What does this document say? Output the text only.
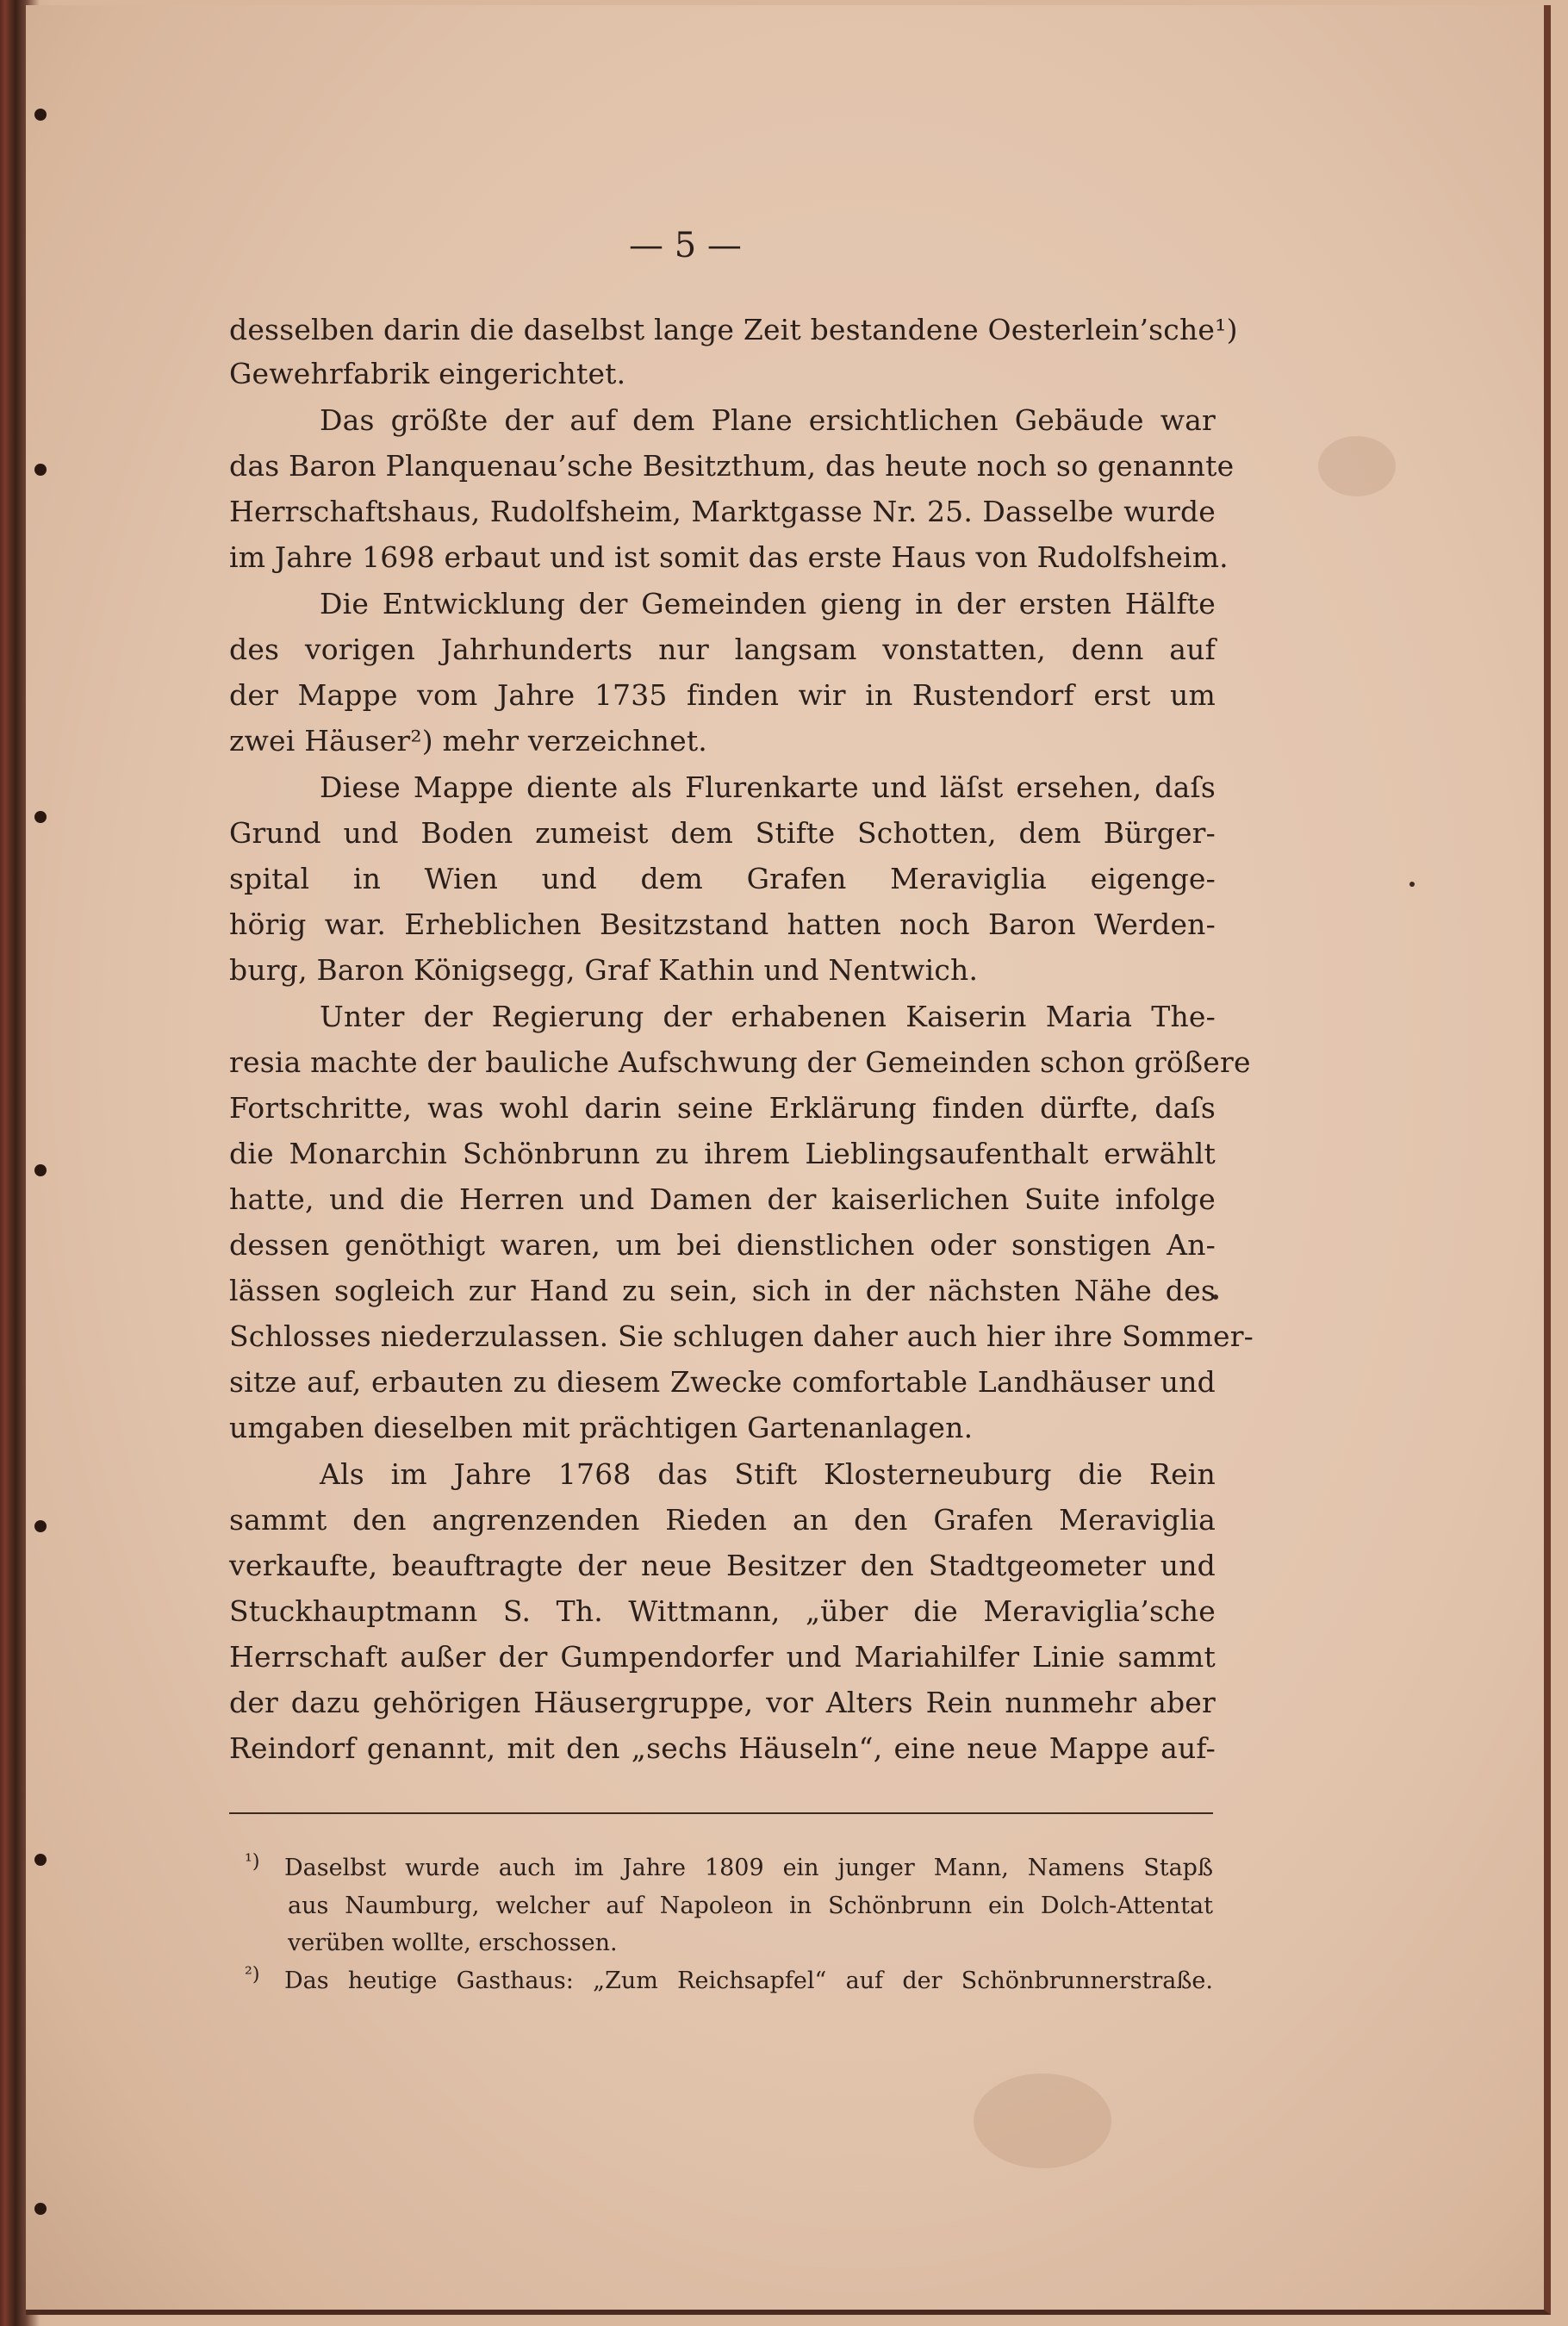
— 5 —
desselben darin die daselbst lange Zeit bestandene Oesterlein’sche¹)
Gewehrfabrik eingerichtet.
Das größte der auf dem Plane ersichtlichen Gebäude war
das Baron Planquenau’sche Besitzthum, das heute noch so genannte
Herrschaftshaus, Rudolfsheim, Marktgasse Nr. 25. Dasselbe wurde
im Jahre 1698 erbaut und ist somit das erste Haus von Rudolfsheim.
Die Entwicklung der Gemeinden gieng in der ersten Hälfte
des vorigen Jahrhunderts nur langsam vonstatten, denn auf
der Mappe vom Jahre 1735 finden wir in Rustendorf erst um
zwei Häuser²) mehr verzeichnet.
Diese Mappe diente als Flurenkarte und läſst ersehen, daſs
Grund und Boden zumeist dem Stifte Schotten, dem Bürger-
spital in Wien und dem Grafen Meraviglia eigenge-
hörig war. Erheblichen Besitzstand hatten noch Baron Werden-
burg, Baron Königsegg, Graf Kathin und Nentwich.
Unter der Regierung der erhabenen Kaiserin Maria The-
resia machte der bauliche Aufschwung der Gemeinden schon größere
Fortschritte, was wohl darin seine Erklärung finden dürfte, daſs
die Monarchin Schönbrunn zu ihrem Lieblingsaufenthalt erwählt
hatte, und die Herren und Damen der kaiserlichen Suite infolge
dessen genöthigt waren, um bei dienstlichen oder sonstigen An-
lässen sogleich zur Hand zu sein, sich in der nächsten Nähe des
Schlosses niederzulassen. Sie schlugen daher auch hier ihre Sommer-
sitze auf, erbauten zu diesem Zwecke comfortable Landhäuser und
umgaben dieselben mit prächtigen Gartenanlagen.
Als im Jahre 1768 das Stift Klosterneuburg die Rein
sammt den angrenzenden Rieden an den Grafen Meraviglia
verkaufte, beauftragte der neue Besitzer den Stadtgeometer und
Stuckhauptmann S. Th. Wittmann, „über die Meraviglia’sche
Herrschaft außer der Gumpendorfer und Mariahilfer Linie sammt
der dazu gehörigen Häusergruppe, vor Alters Rein nunmehr aber
Reindorf genannt, mit den „sechs Häuseln“, eine neue Mappe auf-
¹) Daselbst wurde auch im Jahre 1809 ein junger Mann, Namens Stapß
aus Naumburg, welcher auf Napoleon in Schönbrunn ein Dolch-Attentat
verüben wollte, erschossen.
²) Das heutige Gasthaus: „Zum Reichsapfel“ auf der Schönbrunnerstraße.
